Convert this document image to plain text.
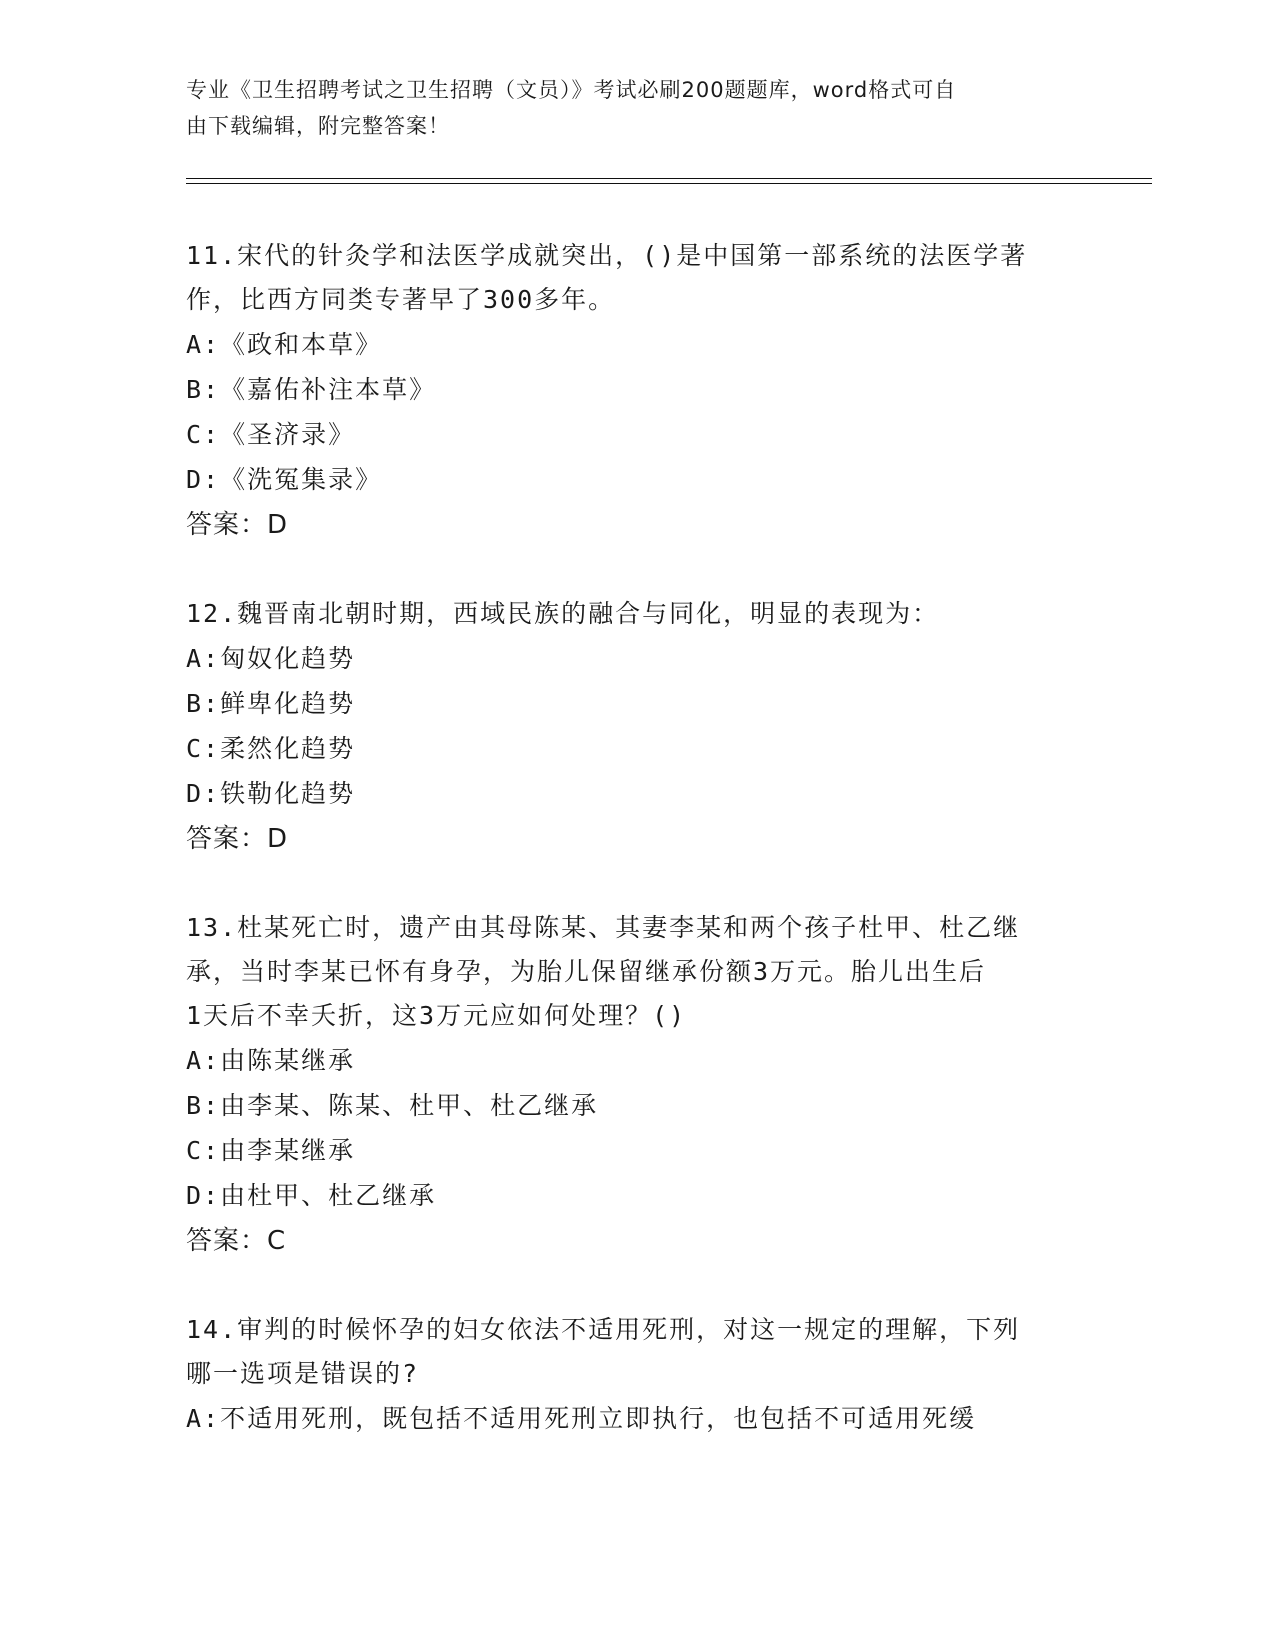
专业《卫生招聘考试之卫生招聘（文员）》考试必刷200题题库，word格式可自
由下载编辑，附完整答案！
11.宋代的针灸学和法医学成就突出，()是中国第一部系统的法医学著
作，比西方同类专著早了300多年。
A:《政和本草》
B:《嘉佑补注本草》
C:《圣济录》
D:《洗冤集录》
答案：D
12.魏晋南北朝时期，西域民族的融合与同化，明显的表现为：
A:匈奴化趋势
B:鲜卑化趋势
C:柔然化趋势
D:铁勒化趋势
答案：D
13.杜某死亡时，遗产由其母陈某、其妻李某和两个孩子杜甲、杜乙继
承，当时李某已怀有身孕，为胎儿保留继承份额3万元。胎儿出生后
1天后不幸夭折，这3万元应如何处理？()
A:由陈某继承
B:由李某、陈某、杜甲、杜乙继承
C:由李某继承
D:由杜甲、杜乙继承
答案：C
14.审判的时候怀孕的妇女依法不适用死刑，对这一规定的理解，下列
哪一选项是错误的?
A:不适用死刑，既包括不适用死刑立即执行，也包括不可适用死缓
